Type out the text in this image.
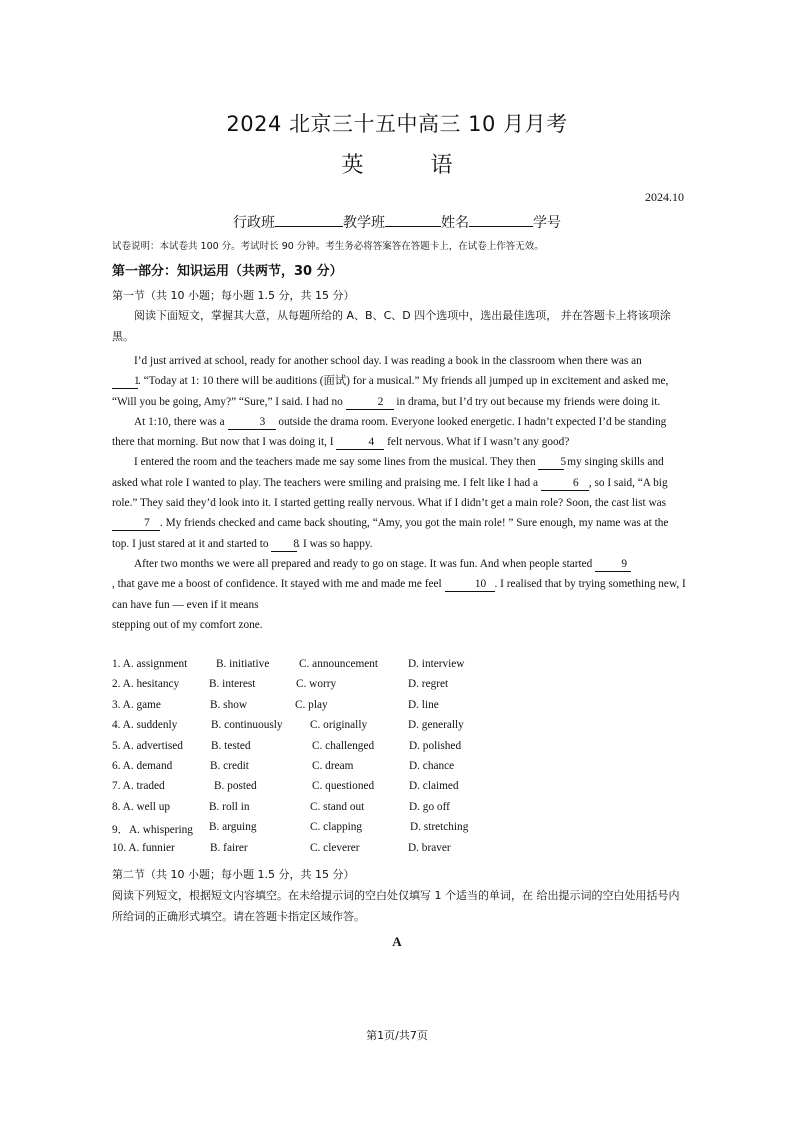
2024 北京三十五中高三 10 月月考
英 语
2024.10
行政班	教学班	姓名	学号
试卷说明：本试卷共 100 分。考试时长 90 分钟。考生务必将答案答在答题卡上，在试卷上作答无效。
第一部分：知识运用（共两节，30 分）
第一节（共 10 小题；每小题 1.5 分，共 15 分）
阅读下面短文，掌握其大意，从每题所给的 A、B、C、D 四个选项中，选出最佳选项， 并在答题卡上将该项涂黑。

I’d just arrived at school, ready for another school day. I was reading a book in the classroom when there was an
1. “Today at 1: 10 there will be auditions (面试) for a musical.” My friends all jumped up in excitement and asked me, “Will you be going, Amy?” “Sure,” I said. I had no	2 in drama, but I’d try out because my friends were doing it.

At 1:10, there was a	3 outside the drama room. Everyone looked energetic. I hadn’t expected I’d be standing there that morning. But now that I was doing it, I	4 felt nervous. What if I wasn’t any good?

I entered the room and the teachers made me say some lines from the musical. They then 5 my singing skills and asked what role I wanted to play. The teachers were smiling and praising me. I felt like I had a	6 , so I said, “A big role.” They said they’d look into it. I started getting really nervous. What if I didn’t get a main role? Soon, the cast list was 7 . My friends checked and came back shouting, “Amy, you got the main role! ” Sure enough, my name was at the top. I just stared at it and started to 8. I was so happy.

After two months we were all prepared and ready to go on stage. It was fun. And when people started	9
, that gave me a boost of confidence. It stayed with me and made me feel	10 . I realised that by trying something new, I can have fun — even if it means

stepping out of my comfort zone.

1. A. assignment	B. initiative	C. announcement	D. interview
2. A. hesitancy	B. interest	C. worry	D. regret
3. A. game	B. show	C. play	D. line
4. A. suddenly	B. continuously C. originally	D. generally
5. A. advertised B. tested	C. challenged	D. polished
6. A. demand	B. credit	C. dream	D. chance
7. A. traded	B. posted	C. questioned	D. claimed
8. A. well up	B. roll in	C. stand out	D. go off
9．A. whispering B. arguing	C. clapping	D. stretching
10. A. funnier	B. fairer	C. cleverer	D. braver
第二节（共 10 小题；每小题 1.5 分，共 15 分）
阅读下列短文，根据短文内容填空。在未给提示词的空白处仅填写 1 个适当的单词，在 给出提示词的空白处用括号内所给词的正确形式填空。请在答题卡指定区域作答。
A
第1页/共7页
